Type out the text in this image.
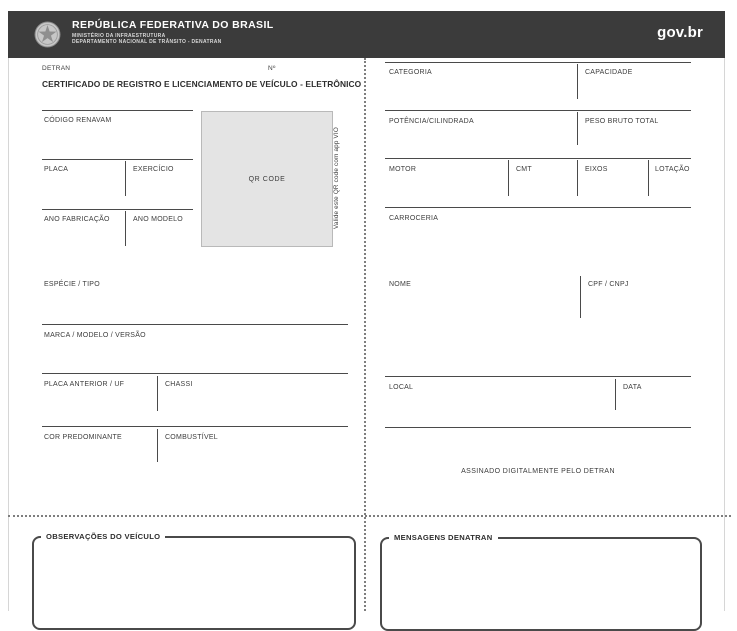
REPÚBLICA FEDERATIVA DO BRASIL
MINISTÉRIO DA INFRAESTRUTURA
DEPARTAMENTO NACIONAL DE TRÂNSITO - DENATRAN
gov.br
DETRAN	Nº
CERTIFICADO DE REGISTRO E LICENCIAMENTO DE VEÍCULO - ELETRÔNICO
CÓDIGO RENAVAM
PLACA	EXERCÍCIO
ANO FABRICAÇÃO	ANO MODELO
QR CODE	Valide este QR code com app VIO
ESPÉCIE / TIPO
MARCA / MODELO / VERSÃO
PLACA ANTERIOR / UF	CHASSI
COR PREDOMINANTE	COMBUSTÍVEL
CATEGORIA	CAPACIDADE
POTÊNCIA/CILINDRADA	PESO BRUTO TOTAL
MOTOR	CMT	EIXOS	LOTAÇÃO
CARROCERIA
NOME	CPF / CNPJ
LOCAL	DATA
ASSINADO DIGITALMENTE PELO DETRAN
OBSERVAÇÕES DO VEÍCULO	MENSAGENS DENATRAN
